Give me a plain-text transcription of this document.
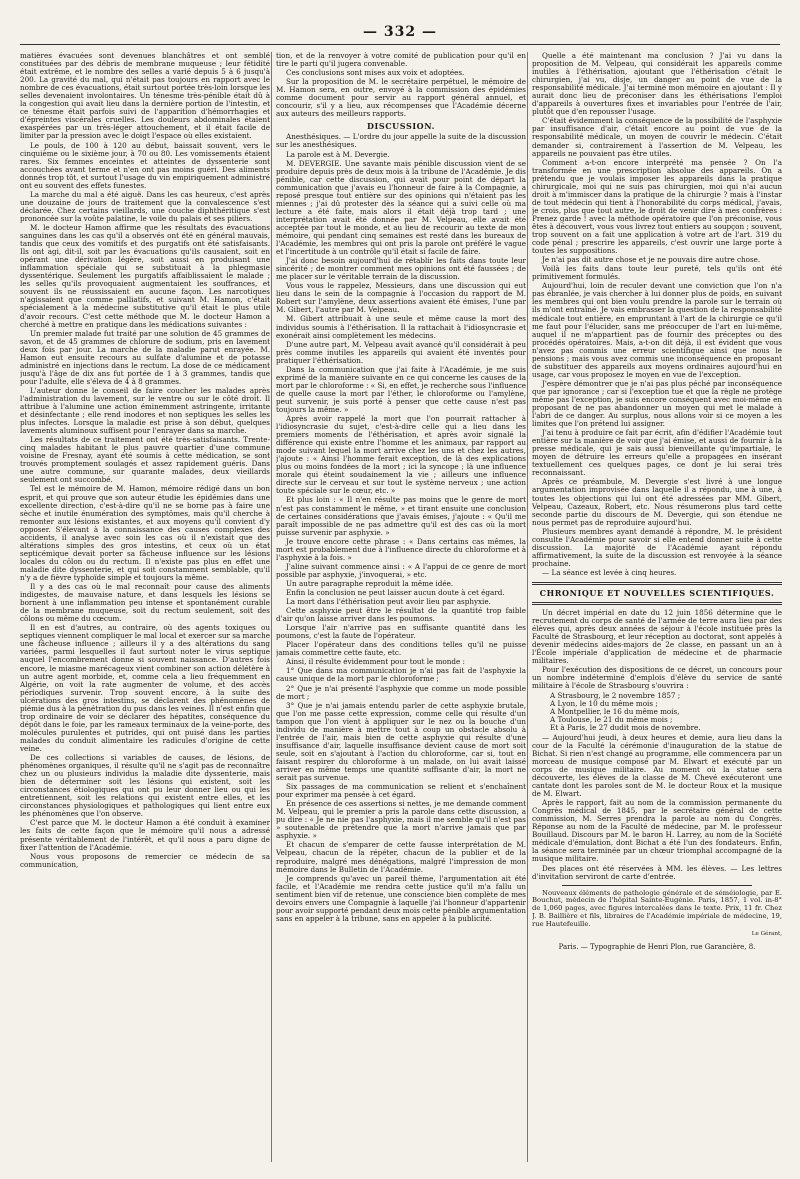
— 332 —

matières évacuées sont devenues blanchâtres et ont semblé constituées par des débris de membrane muqueuse ; leur fétidité était extrême, et le nombre des selles a varié depuis 5 à 6 jusqu'à 200. La gravité du mal, qui n'était pas toujours en rapport avec le nombre de ces évacuations, était surtout portée très-loin lorsque les selles devenaient involontaires. Un ténesme très-pénible était dû à la congestion qui avait lieu dans la dernière portion de l'intestin, et ce ténesme était parfois suivi de l'apparition d'hémorrhagies et d'épreintes viscérales cruelles. Les douleurs abdominales étaient exaspérées par un très-léger attouchement, et il était facile de limiter par la pression avec le doigt l'espace où elles existaient.

Le pouls, de 100 à 120 au début, baissait souvent, vers le cinquième ou le sixième jour, à 70 ou 80. Les vomissements étaient rares. Six femmes enceintes et atteintes de dyssenterie sont accouchées avant terme et n'en ont pas moins guéri. Des aliments donnés trop tôt, et surtout l'usage du vin empiriquement administré ont eu souvent des effets funestes.

La marche du mal a été aiguë. Dans les cas heureux, c'est après une douzaine de jours de traitement que la convalescence s'est déclarée. Chez certains vieillards, une couche diphthéritique s'est prononcée sur la voûte palatine, le voile du palais et ses piliers.

M. le docteur Hamon affirme que les résultats des évacuations sanguines dans les cas qu'il a observés ont été en général mauvais, tandis que ceux des vomitifs et des purgatifs ont été satisfaisants. Ils ont agi, dit-il, soit par les évacuations qu'ils causaient, soit en opérant une dérivation légère, soit aussi en produisant une inflammation spéciale qui se substituait à la phlegmasie dyssentérique. Seulement les purgatifs affaiblissaient le malade ; les selles qu'ils provoquaient augmentaient les souffrances, et souvent ils ne réussissaient en aucune façon. Les narcotiques n'agissaient que comme palliatifs, et suivant M. Hamon, c'était spécialement à la médecine substitutive qu'il était le plus utile d'avoir recours. C'est cette méthode que M. le docteur Hamon a cherché à mettre en pratique dans les médications suivantes :

Un premier malade fut traité par une solution de 45 grammes de savon, et de 45 grammes de chlorure de sodium, pris en lavement deux fois par jour. La marche de la maladie parut enrayée. M. Hamon eut ensuite recours au sulfate d'alumine et de potasse administré en injections dans le rectum. La dose de ce médicament jusqu'à l'âge de dix ans fut portée de 1 à 3 grammes, tandis que pour l'adulte, elle s'éleva de 4 à 8 grammes.

L'auteur donne le conseil de faire coucher les malades après l'administration du lavement, sur le ventre ou sur le côté droit. Il attribue à l'alumine une action éminemment astringente, irritante et désinfectante ; elle rend inodores et non septiques les selles les plus infectes. Lorsque la maladie est prise à son début, quelques lavements aluminoux suffisent pour l'enrayer dans sa marche.

Les résultats de ce traitement ont été très-satisfaisants. Trente-cinq malades habitant le plus pauvre quartier d'une commune voisine de Fresnay, ayant été soumis à cette médication, se sont trouvés promptement soulagés et assez rapidement guéris. Dans une autre commune, sur quarante malades, deux vieillards seulement ont succombé.

Tel est le mémoire de M. Hamon, mémoire rédigé dans un bon esprit, et qui prouve que son auteur étudie les épidémies dans une excellente direction, c'est-à-dire qu'il ne se borne pas à faire une sèche et inutile énumération des symptômes, mais qu'il cherche à remonter aux lésions existantes, et aux moyens qu'il convient d'y opposer. S'élevant à la connaissance des causes complexes des accidents, il analyse avec soin les cas où il n'existait que des altérations simples des gros intestins, et ceux où un état septicémique devait porter sa fâcheuse influence sur les lésions locales du côlon ou du rectum. Il n'existe pas plus en effet une maladie dite dyssenterie, et qui soit constamment semblable, qu'il n'y a de fièvre typhoïde simple et toujours la même.

Il y a des cas où le mal reconnaît pour cause des aliments indigestes, de mauvaise nature, et dans lesquels les lésions se bornent à une inflammation peu intense et spontanément curable de la membrane muqueuse, soit du rectum seulement, soit des côlons ou même du cœcum.

Il en est d'autres, au contraire, où des agents toxiques ou septiques viennent compliquer le mal local et exercer sur sa marche une fâcheuse influence ; ailleurs il y a des altérations du sang variées, parmi lesquelles il faut surtout noter le virus septique auquel l'encombrement donne si souvent naissance. D'autres fois encore, le miasme marécageux vient combiner son action délétère à un autre agent morbide, et, comme cela a lieu fréquemment en Algérie, on voit la rate augmenter de volume, et des accès périodiques survenir. Trop souvent encore, à la suite des ulcérations des gros intestins, se déclarent des phénomènes de piémie dus à la pénétration du pus dans les veines. Il n'est enfin que trop ordinaire de voir se déclarer des hépatites, conséquence du dépôt dans le foie, par les rameaux terminaux de la veine-porte, des molécules purulentes et putrides, qui ont puisé dans les parties malades du conduit alimentaire les radicules d'origine de cette veine.

De ces collections si variables de causes, de lésions, de phénomènes organiques, il résulte qu'il ne s'agit pas de reconnaître chez un ou plusieurs individus la maladie dite dyssenterie, mais bien de déterminer soit les lésions qui existent, soit les circonstances étiologiques qui ont pu leur donner lieu ou qui les entretiennent, soit les relations qui existent entre elles, et les circonstances physiologiques et pathologiques qui lient entre eux les phénomènes que l'on observe.

C'est parce que M. le docteur Hamon a été conduit à examiner les faits de cette façon que le mémoire qu'il nous a adressé présente véritablement de l'intérêt, et qu'il nous a paru digne de fixer l'attention de l'Académie.

Nous vous proposons de remercier ce médecin de sa communication,

tion, et de la renvoyer à votre comité de publication pour qu'il en tire le parti qu'il jugera convenable.

Ces conclusions sont mises aux voix et adoptées.

Sur la proposition de M. le secrétaire perpétuel, le mémoire de M. Hamon sera, en outre, envoyé à la commission des épidémies comme document pour servir au rapport général annuel, et concourir, s'il y a lieu, aux récompenses que l'Académie décerne aux auteurs des meilleurs rapports.

DISCUSSION.

Anesthésiques. — L'ordre du jour appelle la suite de la discussion sur les anesthésiques.

La parole est à M. Devergie.

M. DEVERGIE. Une savante mais pénible discussion vient de se produire depuis près de deux mois à la tribune de l'Académie. Je dis pénible, car cette discussion, qui avait pour point de départ la communication que j'avais eu l'honneur de faire à la Compagnie, a reposé presque tout entière sur des opinions qui n'étaient pas les miennes ; j'ai dû protester dès la séance qui a suivi celle où ma lecture a été faite, mais alors il était déjà trop tard ; une interprétation avait été donnée par M. Velpeau, elle avait été acceptée par tout le monde, et au lieu de recourir au texte de mon mémoire, qui pendant cinq semaines est resté dans les bureaux de l'Académie, les membres qui ont pris la parole ont préféré le vague et l'incertitude à un contrôle qu'il était si facile de faire.

J'ai donc besoin aujourd'hui de rétablir les faits dans toute leur sincérité ; de montrer comment mes opinions ont été faussées ; de me placer sur le véritable terrain de la discussion.

Vous vous le rappelez, Messieurs, dans une discussion qui eut lieu dans le sein de la compagnie à l'occasion du rapport de M. Robert sur l'amylène, deux assertions avaient été émises, l'une par M. Gibert, l'autre par M. Velpeau.

M. Gibert attribuait à une seule et même cause la mort des individus soumis à l'éthérisation. Il la rattachait à l'idiosyncrasie et exonérait ainsi complètement les médecins.

D'une autre part, M. Velpeau avait avancé qu'il considérait à peu près comme inutiles les appareils qui avaient été inventés pour pratiquer l'éthérisation.

Dans la communication que j'ai faite à l'Académie, je me suis exprimé de la manière suivante en ce qui concerne les causes de la mort par le chloroforme : « Si, en effet, je recherche sous l'influence de quelle cause la mort par l'éther, le chloroforme ou l'amylène, peut survenir, je suis porté à penser que cette cause n'est pas toujours la même. »

Après avoir rappelé la mort que l'on pourrait rattacher à l'idiosyncrasie du sujet, c'est-à-dire celle qui a lieu dans les premiers moments de l'éthérisation, et après avoir signalé la différence qui existe entre l'homme et les animaux, par rapport au mode suivant lequel la mort arrive chez les uns et chez les autres, j'ajoute : « Ainsi l'homme ferait exception, de là des explications plus ou moins fondées de la mort ; ici la syncope ; là une influence morale qui éteint soudainement la vie ; ailleurs une influence directe sur le cerveau et sur tout le système nerveux ; une action toute spéciale sur le cœur, etc. »

Et plus loin : « Il n'en résulte pas moins que le genre de mort n'est pas constamment le même, » et tirant ensuite une conclusion de certaines considérations que j'avais émises, j'ajoute : « Qu'il me paraît impossible de ne pas admettre qu'il est des cas où la mort puisse survenir par asphyxie. »

Je trouve encore cette phrase : « Dans certains cas mêmes, la mort est probablement due à l'influence directe du chloroforme et à l'asphyxie à la fois. »

J'aline suivant commence ainsi : « A l'appui de ce genre de mort possible par asphyxie, j'invoquerai, » etc.

Un autre paragraphe reproduit la même idée.

Enfin la conclusion ne peut laisser aucun doute à cet égard.

La mort dans l'éthérisation peut avoir lieu par asphyxie.

Cette asphyxie peut être le résultat de la quantité trop faible d'air qu'on laisse arriver dans les poumons.

Lorsque l'air n'arrive pas en suffisante quantité dans les poumons, c'est la faute de l'opérateur.

Placer l'opérateur dans des conditions telles qu'il ne puisse jamais commettre cette faute, etc.

Ainsi, il résulte évidemment pour tout le monde :

1° Que dans ma communication je n'ai pas fait de l'asphyxie la cause unique de la mort par le chloroforme ;

2° Que je n'ai présenté l'asphyxie que comme un mode possible de mort ;

3° Que je n'ai jamais entendu parler de cette asphyxie brutale, que l'on me passe cette expression, comme celle qui résulte d'un tampon que l'on vient à appliquer sur le nez ou la bouche d'un individu de manière à mettre tout à coup un obstacle absolu à l'entrée de l'air, mais bien de cette asphyxie qui résulte d'une insuffisance d'air, laquelle insuffisance devient cause de mort soit seule, soit en s'ajoutant à l'action du chloroforme, car si, tout en faisant respirer du chloroforme à un malade, on lui avait laissé arriver en même temps une quantité suffisante d'air, la mort ne serait pas survenue.

Six passages de ma communication se relient et s'enchaînent pour exprimer ma pensée à cet égard.

En présence de ces assertions si nettes, je me demande comment M. Velpeau, qui le premier a pris la parole dans cette discussion, a pu dire : « Je ne nie pas l'asphyxie, mais il me semble qu'il n'est pas » soutenable de prétendre que la mort n'arrive jamais que par asphyxie. »

Et chacun de s'emparer de cette fausse interprétation de M. Velpeau, chacun de la répéter, chacun de la publier et de la reproduire, malgré mes dénégations, malgré l'impression de mon mémoire dans le Bulletin de l'Académie.

Je comprends qu'avec un pareil thème, l'argumentation ait été facile, et l'Académie me rendra cette justice qu'il m'a fallu un sentiment bien vif de retenue, une conscience bien complète de mes devoirs envers une Compagnie à laquelle j'ai l'honneur d'appartenir pour avoir supporté pendant deux mois cette pénible argumentation sans en appeler à la tribune, sans en appeler à la publicité.

Quelle a été maintenant ma conclusion ? J'ai vu dans la proposition de M. Velpeau, qui considérait les appareils comme inutiles à l'éthérisation, ajoutant que l'éthérisation c'était le chirurgien, j'ai vu, disje, un danger au point de vue de la responsabilité médicale. J'ai terminé mon mémoire en ajoutant : Il y aurait donc lieu de préconiser dans les éthérisations l'emploi d'appareils à ouvertures fixes et invariables pour l'entrée de l'air, plutôt que d'en repousser l'usage.

C'était évidemment la conséquence de la possibilité de l'asphyxie par insuffisance d'air, c'était encore au point de vue de la responsabilité médicale, un moyen de couvrir le médecin. C'était demander si, contrairement à l'assertion de M. Velpeau, les appareils ne pouvaient pas être utiles.

Comment a-t-on encore interprété ma pensée ? On l'a transformée en une prescription absolue des appareils. On a prétendu que je voulais imposer les appareils dans la pratique chirurgicale, moi qui ne suis pas chirurgien, moi qui n'ai aucun droit à m'immiscer dans la pratique de la chirurgie ? mais à l'instar de tout médecin qui tient à l'honorabilité du corps médical, j'avais, je crois, plus que tout autre, le droit de venir dire à mes confrères : Prenez garde ! avec la méthode opératoire que l'on préconise, vous êtes à découvert, vous vous livrez tout entiers au soupçon ; souvent, trop souvent on a fait une application à votre art de l'art. 319 du code pénal ; prescrire les appareils, c'est ouvrir une large porte à toutes les suppositions.

Je n'ai pas dit autre chose et je ne pouvais dire autre chose.

Voilà les faits dans toute leur pureté, tels qu'ils ont été primitivement formulés.

Aujourd'hui, loin de reculer devant une conviction que l'on n'a pas ébranlée, je vais chercher à lui donner plus de poids, en suivant les membres qui ont bien voulu prendre la parole sur le terrain où ils m'ont entraîné. Je vais embrasser la question de la responsabilité médicale tout entière, en empruntant à l'art de la chirurgie ce qu'il me faut pour l'élucider, sans me préoccuper de l'art en lui-même, auquel il ne m'appartient pas de fournir des préceptes ou des procédés opératoires. Mais, a-t-on dit déjà, il est évident que vous n'avez pas commis une erreur scientifique ainsi que nous le pensions ; mais vous avez commis une inconséquence en proposant de substituer des appareils aux moyens ordinaires aujourd'hui en usage, car vous proposez le moyen en vue de l'exception.

J'espère démontrer que je n'ai pas plus péché par inconséquence que par ignorance ; car si l'exception tue et que la règle ne protège même pas l'exception, je suis encore conséquent avec moi-même en proposant de ne pas abandonner un moyen qui met le malade à l'abri de ce danger. Au surplus, nous allons voir si ce moyen a les limites que l'on prétend lui assigner.

J'ai tenu à produire ce fait par écrit, afin d'édifier l'Académie tout entière sur la manière de voir que j'ai émise, et aussi de fournir à la presse médicale, qui je sais aussi bienveillante qu'impartiale, le moyen de détruire les erreurs qu'elle a propagées en insérant textuellement ces quelques pages, ce dont je lui serai très reconnaissant.

Après ce préambule, M. Devergie s'est livré à une longue argumentation improvisée dans laquelle il a répondu, une à une, à toutes les objections qui lui ont été adressées par MM. Gibert, Velpeau, Cazeaux, Robert, etc. Nous résumerons plus tard cette seconde partie du discours de M. Devergie, qui son étendue ne nous permet pas de reproduire aujourd'hui.

Plusieurs membres ayant demandé à répondre, M. le président consulte l'Académie pour savoir si elle entend donner suite à cette discussion. La majorité de l'Académie ayant répondu affirmativement, la suite de la discussion est renvoyée à la séance prochaine.

— La séance est levée à cinq heures.

CHRONIQUE ET NOUVELLES SCIENTIFIQUES.

Un décret impérial en date du 12 juin 1856 détermine que le recrutement du corps de santé de l'armée de terre aura lieu par des élèves qui, après deux années de séjour à l'école instituée près la Faculté de Strasbourg, et leur réception au doctorat, sont appelés à devenir médecins aides-majors de 2e classe, en passant un an à l'École impériale d'application de médecine et de pharmacie militaires.

Pour l'exécution des dispositions de ce décret, un concours pour un nombre indéterminé d'emplois d'élève du service de santé militaire à l'école de Strasbourg s'ouvrira :

A Strasbourg, le 2 novembre 1857 ;
A Lyon, le 10 du même mois ;
A Montpellier, le 16 du même mois,
A Toulouse, le 21 du même mois ;
Et à Paris, le 27 dudit mois de novembre.

— Aujourd'hui jeudi, à deux heures et demie, aura lieu dans la cour de la Faculté la cérémonie d'inauguration de la statue de Bichat. Si rien n'est changé au programme, elle commencera par un morceau de musique composé par M. Elwart et exécuté par un corps de musique militaire. Au moment où la statue sera découverte, les élèves de la classe de M. Chevé exécuteront une cantate dont les paroles sont de M. le docteur Roux et la musique de M. Elwart.

Après le rapport, fait au nom de la commission permanente du Congrès médical de 1845, par le secrétaire général de cette commission, M. Serres prendra la parole au nom du Congrès. Réponse au nom de la Faculté de médecine, par M. le professeur Bouillaud. Discours par M. le baron H. Larrey, au nom de la Société médicale d'émulation, dont Bichat a été l'un des fondateurs. Enfin, la séance sera terminée par un chœur triomphal accompagné de la musique militaire.

Des places ont été réservées à MM. les élèves. — Les lettres d'invitation serviront de carte d'entrée.

Nouveaux éléments de pathologie générale et de séméiologie, par E. Bouchut, médecin de l'hôpital Sainte-Eugénie. Paris, 1857, 1 vol. in-8° de 1,060 pages, avec figures intercalées dans le texte. Prix, 11 fr. Chez J. B. Baillière et fils, libraires de l'Académie impériale de médecine, 19, rue Hautefeuille.

Le Gérant,
Paris. — Typographie de Henri Plon, rue Garancière, 8.
